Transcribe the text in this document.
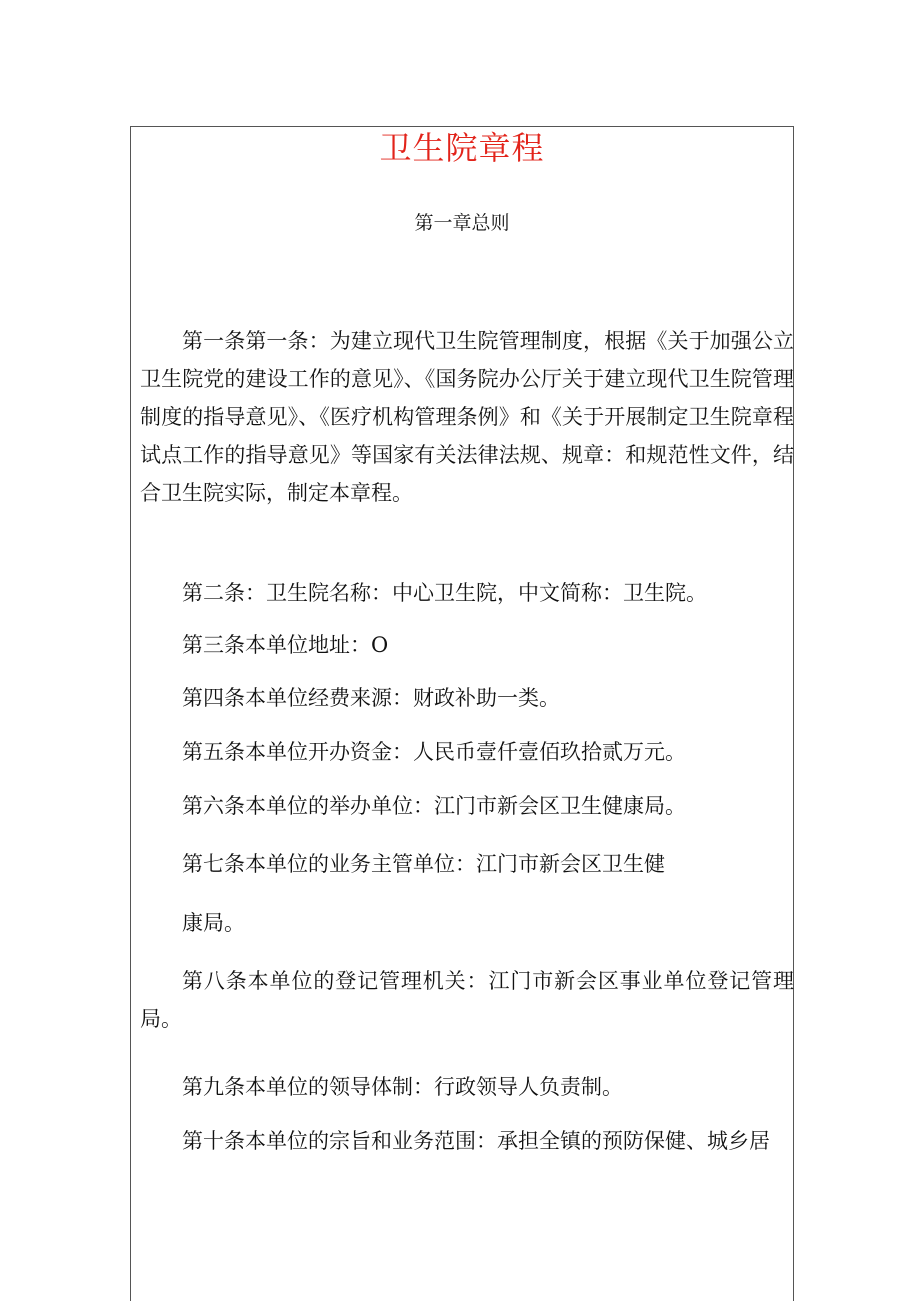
卫生院章程
第一章总则

第一条第一条：为建立现代卫生院管理制度，根据《关于加强公立卫生院党的建设工作的意见》、《国务院办公厅关于建立现代卫生院管理制度的指导意见》、《医疗机构管理条例》和《关于开展制定卫生院章程试点工作的指导意见》等国家有关法律法规、规章：和规范性文件，结合卫生院实际，制定本章程。

第二条：卫生院名称：中心卫生院，中文简称：卫生院。

第三条本单位地址：O

第四条本单位经费来源：财政补助一类。

第五条本单位开办资金：人民币壹仟壹佰玖拾贰万元。

第六条本单位的举办单位：江门市新会区卫生健康局。

第七条本单位的业务主管单位：江门市新会区卫生健

康局。

第八条本单位的登记管理机关：江门市新会区事业单位登记管理局。

第九条本单位的领导体制：行政领导人负责制。

第十条本单位的宗旨和业务范围：承担全镇的预防保健、城乡居
